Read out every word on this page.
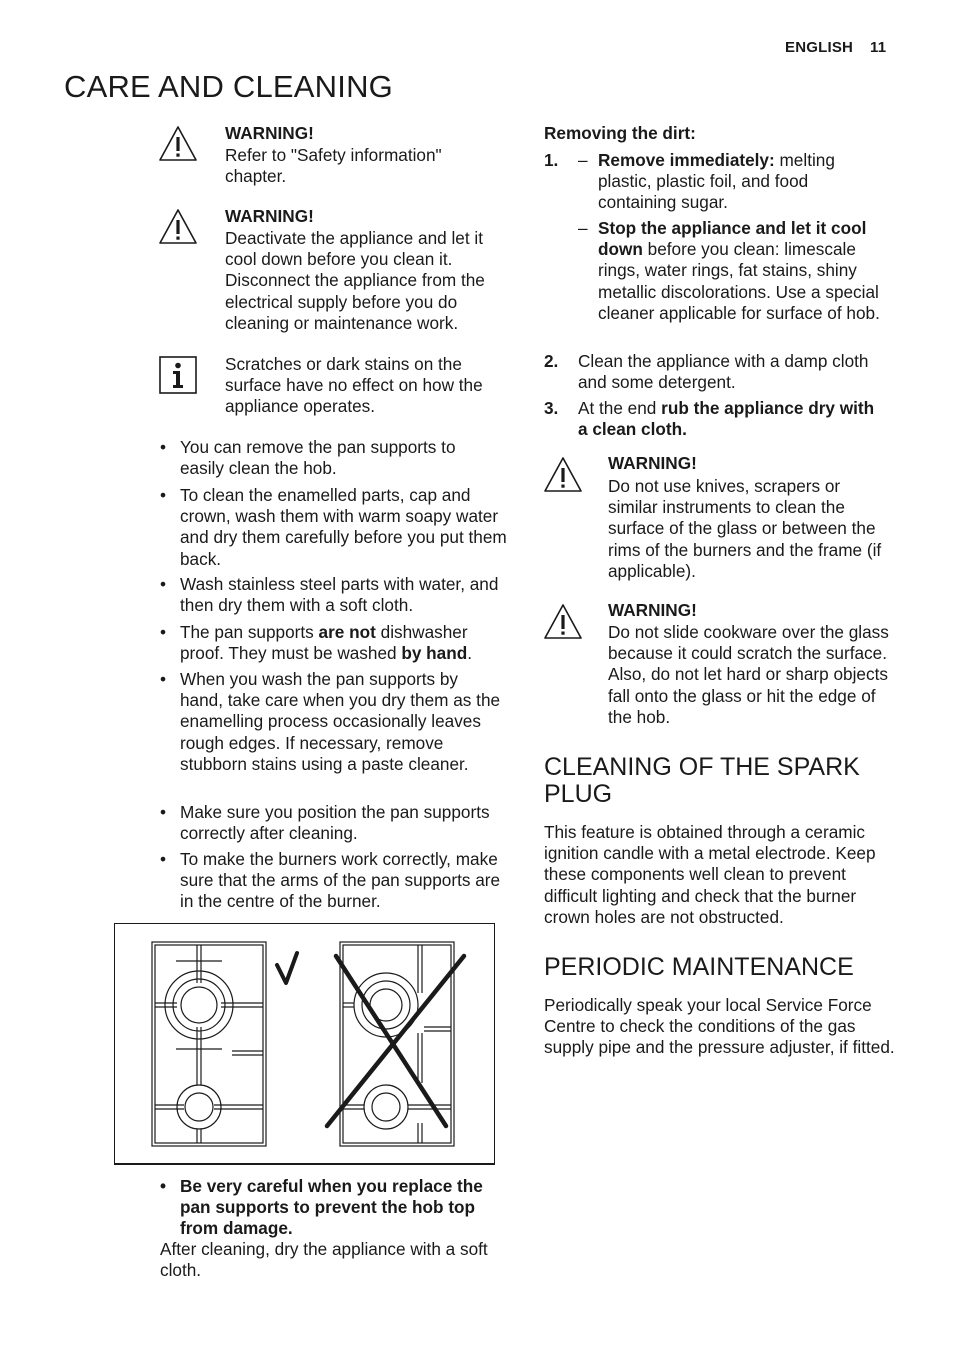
ENGLISH 11
CARE AND CLEANING
WARNING!
Refer to "Safety information" chapter.
WARNING!
Deactivate the appliance and let it cool down before you clean it. Disconnect the appliance from the electrical supply before you do cleaning or maintenance work.
Scratches or dark stains on the surface have no effect on how the appliance operates.
• You can remove the pan supports to easily clean the hob.
• To clean the enamelled parts, cap and crown, wash them with warm soapy water and dry them carefully before you put them back.
• Wash stainless steel parts with water, and then dry them with a soft cloth.
• The pan supports are not dishwasher proof. They must be washed by hand.
• When you wash the pan supports by hand, take care when you dry them as the enamelling process occasionally leaves rough edges. If necessary, remove stubborn stains using a paste cleaner.
• Make sure you position the pan supports correctly after cleaning.
• To make the burners work correctly, make sure that the arms of the pan supports are in the centre of the burner.
• Be very careful when you replace the pan supports to prevent the hob top from damage.
After cleaning, dry the appliance with a soft cloth.
Removing the dirt:
1. – Remove immediately: melting plastic, plastic foil, and food containing sugar.
– Stop the appliance and let it cool down before you clean: limescale rings, water rings, fat stains, shiny metallic discolorations. Use a special cleaner applicable for surface of hob.
2. Clean the appliance with a damp cloth and some detergent.
3. At the end rub the appliance dry with a clean cloth.
WARNING!
Do not use knives, scrapers or similar instruments to clean the surface of the glass or between the rims of the burners and the frame (if applicable).
WARNING!
Do not slide cookware over the glass because it could scratch the surface. Also, do not let hard or sharp objects fall onto the glass or hit the edge of the hob.
CLEANING OF THE SPARK PLUG
This feature is obtained through a ceramic ignition candle with a metal electrode. Keep these components well clean to prevent difficult lighting and check that the burner crown holes are not obstructed.
PERIODIC MAINTENANCE
Periodically speak your local Service Force Centre to check the conditions of the gas supply pipe and the pressure adjuster, if fitted.
